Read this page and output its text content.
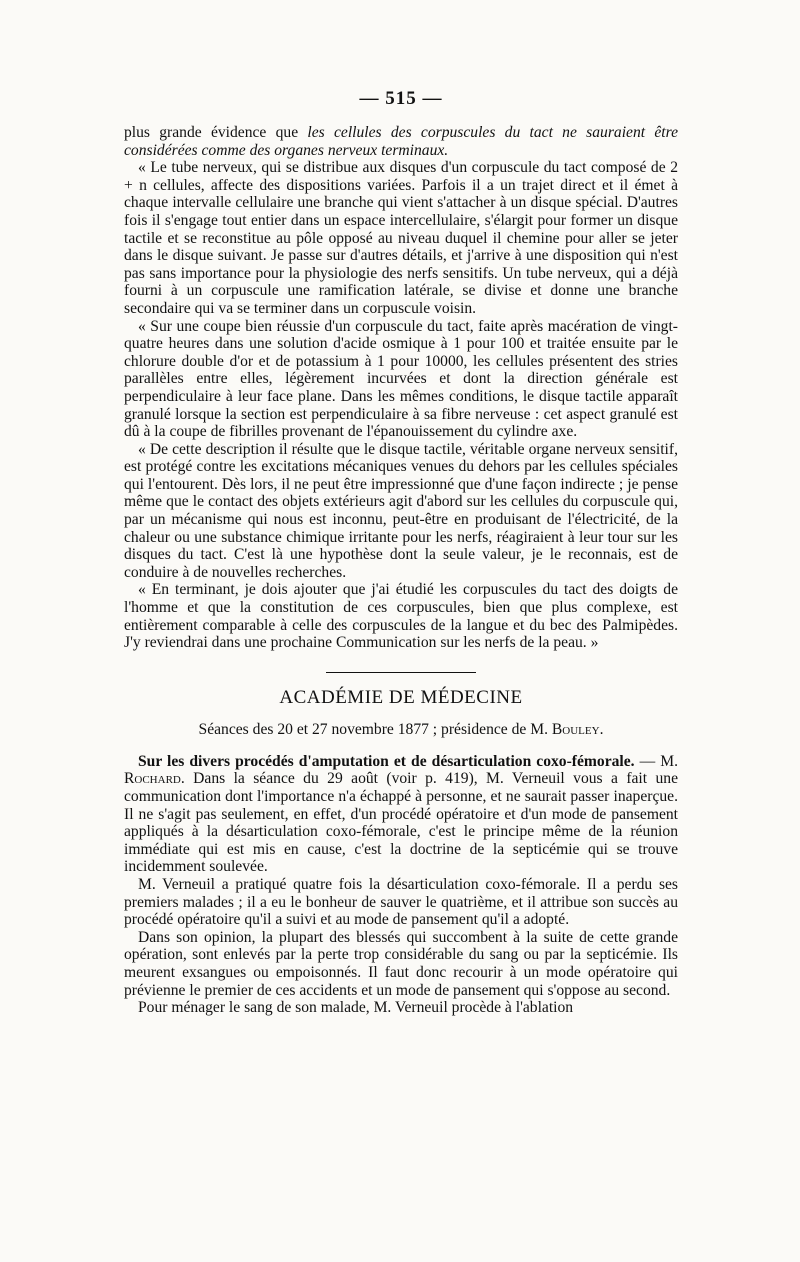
— 515 —

plus grande évidence que les cellules des corpuscules du tact ne sauraient être considérées comme des organes nerveux terminaux.

« Le tube nerveux, qui se distribue aux disques d'un corpuscule du tact composé de 2 + n cellules, affecte des dispositions variées. Parfois il a un trajet direct et il émet à chaque intervalle cellulaire une branche qui vient s'attacher à un disque spécial. D'autres fois il s'engage tout entier dans un espace intercellulaire, s'élargit pour former un disque tactile et se reconstitue au pôle opposé au niveau duquel il chemine pour aller se jeter dans le disque suivant. Je passe sur d'autres détails, et j'arrive à une disposition qui n'est pas sans importance pour la physiologie des nerfs sensitifs. Un tube nerveux, qui a déjà fourni à un corpuscule une ramification latérale, se divise et donne une branche secondaire qui va se terminer dans un corpuscule voisin.

« Sur une coupe bien réussie d'un corpuscule du tact, faite après macération de vingt-quatre heures dans une solution d'acide osmique à 1 pour 100 et traitée ensuite par le chlorure double d'or et de potassium à 1 pour 10000, les cellules présentent des stries parallèles entre elles, légèrement incurvées et dont la direction générale est perpendiculaire à leur face plane. Dans les mêmes conditions, le disque tactile apparaît granulé lorsque la section est perpendiculaire à sa fibre nerveuse : cet aspect granulé est dû à la coupe de fibrilles provenant de l'épanouissement du cylindre axe.

« De cette description il résulte que le disque tactile, véritable organe nerveux sensitif, est protégé contre les excitations mécaniques venues du dehors par les cellules spéciales qui l'entourent. Dès lors, il ne peut être impressionné que d'une façon indirecte ; je pense même que le contact des objets extérieurs agit d'abord sur les cellules du corpuscule qui, par un mécanisme qui nous est inconnu, peut-être en produisant de l'électricité, de la chaleur ou une substance chimique irritante pour les nerfs, réagiraient à leur tour sur les disques du tact. C'est là une hypothèse dont la seule valeur, je le reconnais, est de conduire à de nouvelles recherches.

« En terminant, je dois ajouter que j'ai étudié les corpuscules du tact des doigts de l'homme et que la constitution de ces corpuscules, bien que plus complexe, est entièrement comparable à celle des corpuscules de la langue et du bec des Palmipèdes. J'y reviendrai dans une prochaine Communication sur les nerfs de la peau. »

ACADÉMIE DE MÉDECINE
Séances des 20 et 27 novembre 1877 ; présidence de M. Bouley.

Sur les divers procédés d'amputation et de désarticulation coxo-fémorale. — M. Rochard. Dans la séance du 29 août (voir p. 419), M. Verneuil vous a fait une communication dont l'importance n'a échappé à personne, et ne saurait passer inaperçue. Il ne s'agit pas seulement, en effet, d'un procédé opératoire et d'un mode de pansement appliqués à la désarticulation coxo-fémorale, c'est le principe même de la réunion immédiate qui est mis en cause, c'est la doctrine de la septicémie qui se trouve incidemment soulevée.

M. Verneuil a pratiqué quatre fois la désarticulation coxo-fémorale. Il a perdu ses premiers malades ; il a eu le bonheur de sauver le quatrième, et il attribue son succès au procédé opératoire qu'il a suivi et au mode de pansement qu'il a adopté.

Dans son opinion, la plupart des blessés qui succombent à la suite de cette grande opération, sont enlevés par la perte trop considérable du sang ou par la septicémie. Ils meurent exsangues ou empoisonnés. Il faut donc recourir à un mode opératoire qui prévienne le premier de ces accidents et un mode de pansement qui s'oppose au second.

Pour ménager le sang de son malade, M. Verneuil procède à l'ablation
